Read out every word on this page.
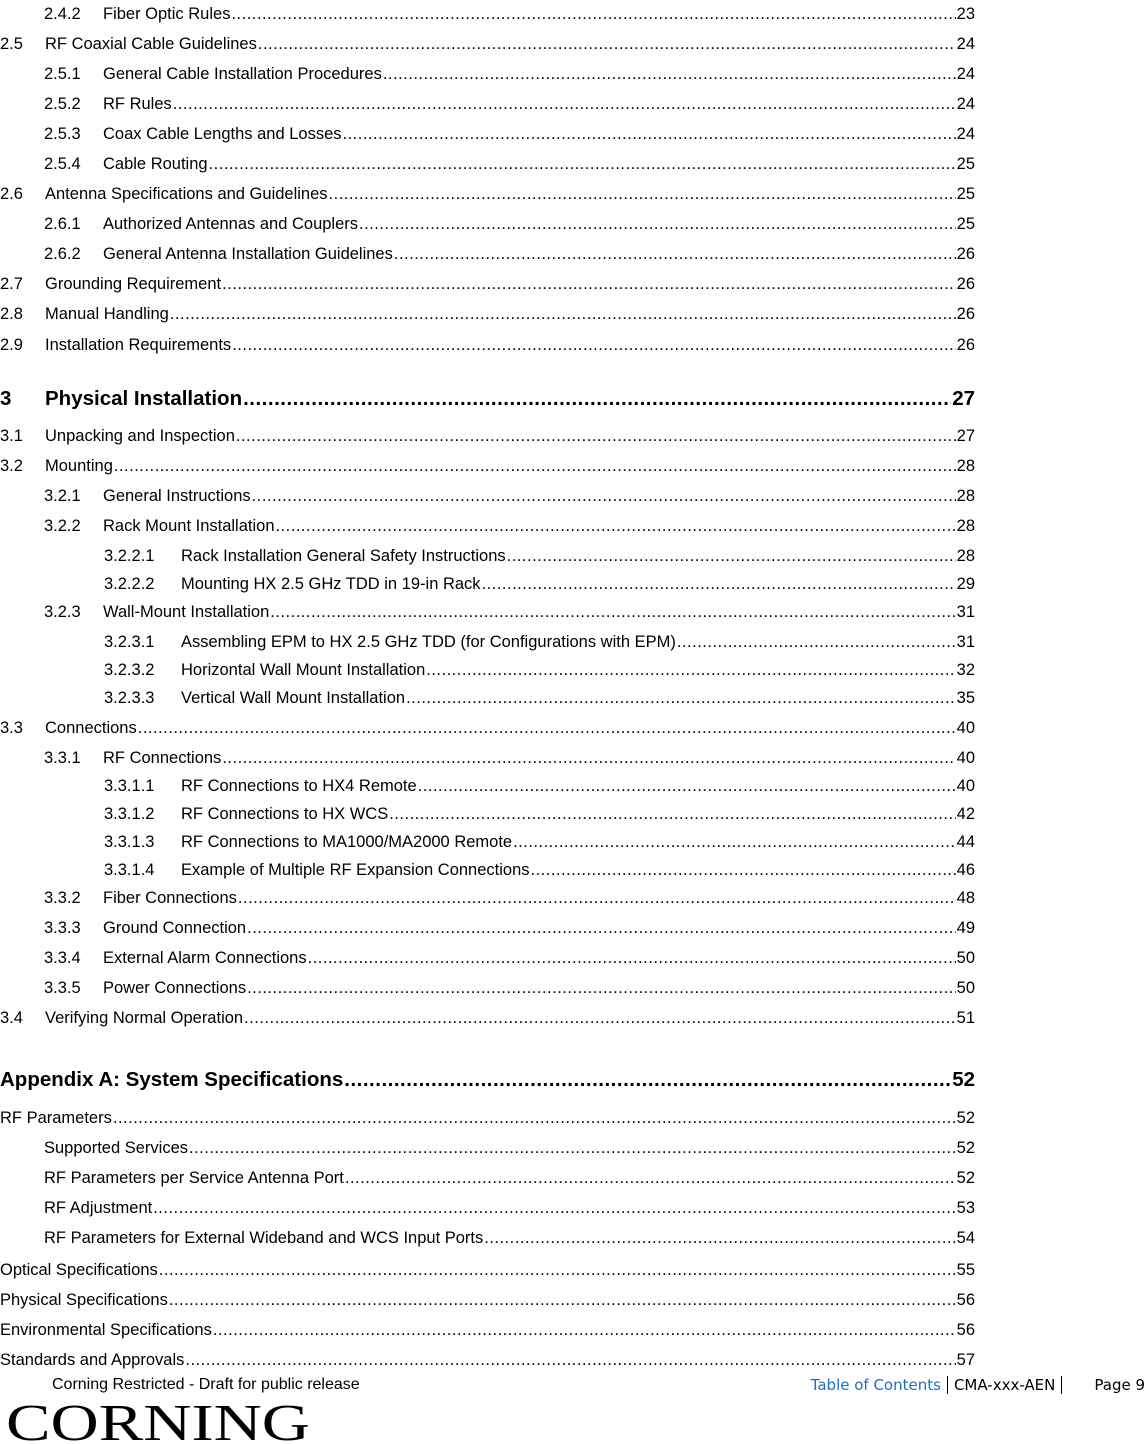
2.4.2	Fiber Optic Rules .....	23
2.5	RF Coaxial Cable Guidelines .....	24
2.5.1	General Cable Installation Procedures .....	24
2.5.2	RF Rules .....	24
2.5.3	Coax Cable Lengths and Losses .....	24
2.5.4	Cable Routing .....	25
2.6	Antenna Specifications and Guidelines .....	25
2.6.1	Authorized Antennas and Couplers .....	25
2.6.2	General Antenna Installation Guidelines .....	26
2.7	Grounding Requirement .....	26
2.8	Manual Handling .....	26
2.9	Installation Requirements .....	26
3	Physical Installation .....	27
3.1	Unpacking and Inspection .....	27
3.2	Mounting .....	28
3.2.1	General Instructions .....	28
3.2.2	Rack Mount Installation .....	28
3.2.2.1	Rack Installation General Safety Instructions .....	28
3.2.2.2	Mounting HX 2.5 GHz TDD in 19-in Rack .....	29
3.2.3	Wall-Mount Installation .....	31
3.2.3.1	Assembling EPM to HX 2.5 GHz TDD (for Configurations with EPM) .....	31
3.2.3.2	Horizontal Wall Mount Installation .....	32
3.2.3.3	Vertical Wall Mount Installation .....	35
3.3	Connections .....	40
3.3.1	RF Connections .....	40
3.3.1.1	RF Connections to HX4 Remote .....	40
3.3.1.2	RF Connections to HX WCS .....	42
3.3.1.3	RF Connections to MA1000/MA2000 Remote .....	44
3.3.1.4	Example of Multiple RF Expansion Connections .....	46
3.3.2	Fiber Connections .....	48
3.3.3	Ground Connection .....	49
3.3.4	External Alarm Connections .....	50
3.3.5	Power Connections .....	50
3.4	Verifying Normal Operation .....	51
Appendix A: System Specifications .....	52
RF Parameters .....	52
Supported Services .....	52
RF Parameters per Service Antenna Port .....	52
RF Adjustment .....	53
RF Parameters for External Wideband and WCS Input Ports .....	54
Optical Specifications .....	55
Physical Specifications .....	56
Environmental Specifications .....	56
Standards and Approvals .....	57
Corning Restricted - Draft for public release	Table of Contents CMA-xxx-AEN	Page 9
CORNING
